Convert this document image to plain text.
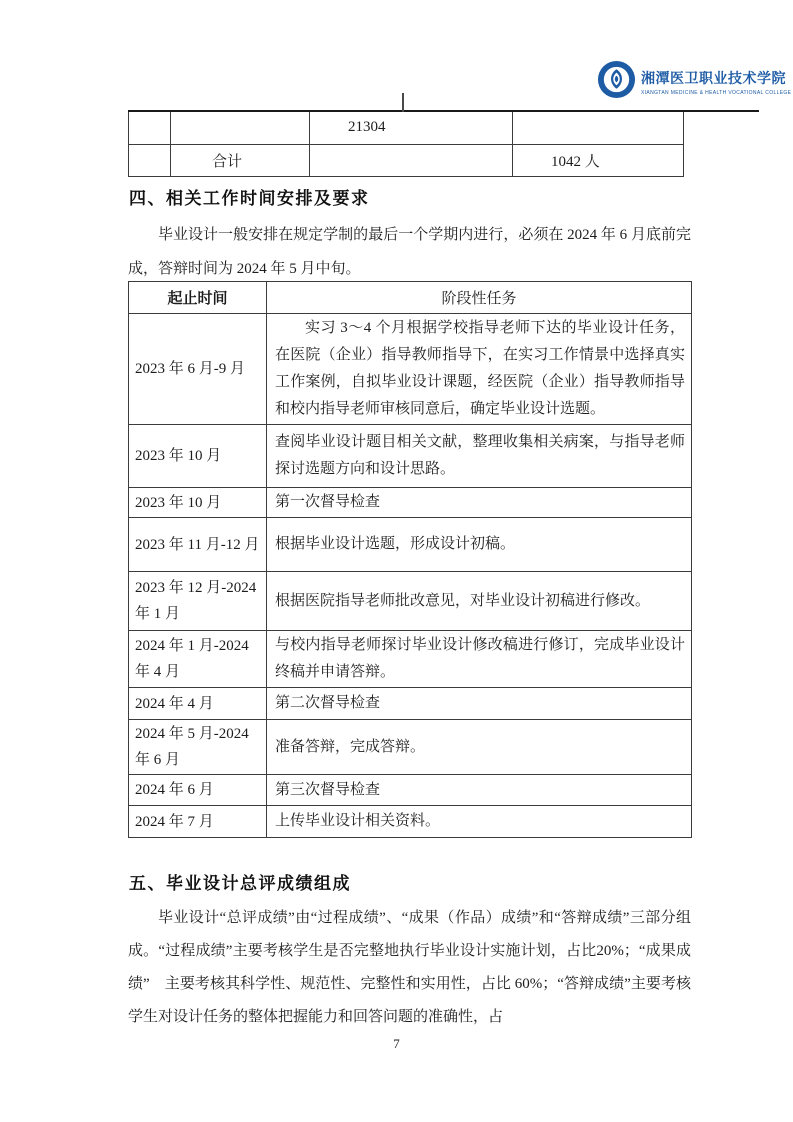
湘潭医卫职业技术学院
XIANGTAN MEDICINE & HEALTH VOCATIONAL COLLEGE
		21304	
	合计		1042 人
四、相关工作时间安排及要求
毕业设计一般安排在规定学制的最后一个学期内进行，必须在 2024 年 6 月底前完成，答辩时间为 2024 年 5 月中旬。
起止时间	阶段性任务
2023 年 6 月-9 月	实习 3～4 个月根据学校指导老师下达的毕业设计任务，在医院（企业）指导教师指导下，在实习工作情景中选择真实工作案例，自拟毕业设计课题，经医院（企业）指导教师指导和校内指导老师审核同意后，确定毕业设计选题。
2023 年 10 月	查阅毕业设计题目相关文献，整理收集相关病案，与指导老师探讨选题方向和设计思路。
2023 年 10 月	第一次督导检查
2023 年 11 月-12 月	根据毕业设计选题，形成设计初稿。
2023 年 12 月-2024 年 1 月	根据医院指导老师批改意见，对毕业设计初稿进行修改。
2024 年 1 月-2024 年 4 月	与校内指导老师探讨毕业设计修改稿进行修订，完成毕业设计终稿并申请答辩。
2024 年 4 月	第二次督导检查
2024 年 5 月-2024 年 6 月	准备答辩，完成答辩。
2024 年 6 月	第三次督导检查
2024 年 7 月	上传毕业设计相关资料。
五、毕业设计总评成绩组成
毕业设计“总评成绩”由“过程成绩”、“成果（作品）成绩”和“答辩成绩”三部分组成。“过程成绩”主要考核学生是否完整地执行毕业设计实施计划，占比20%；“成果成绩”　主要考核其科学性、规范性、完整性和实用性，占比 60%；“答辩成绩”主要考核学生对设计任务的整体把握能力和回答问题的准确性，占
7
